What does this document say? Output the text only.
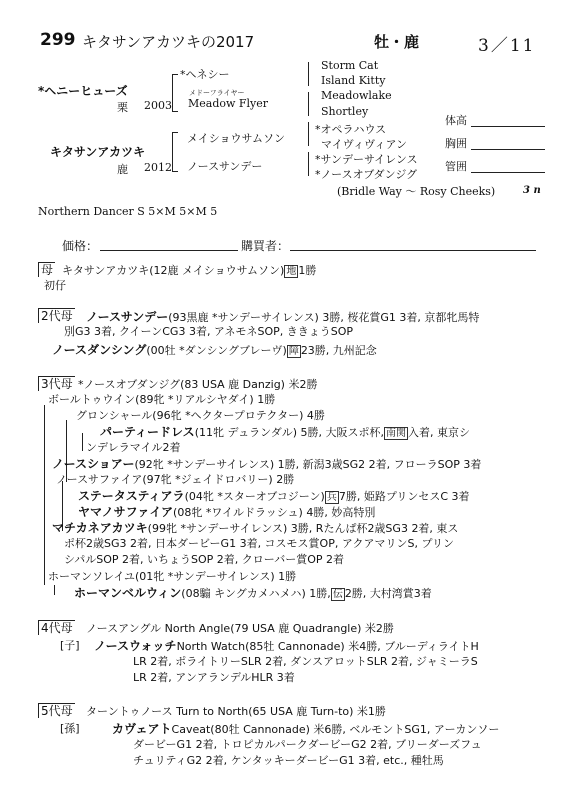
299 キタサンアカツキの2017	牡・鹿	3／11
*ヘニーヒューズ
栗 2003
キタサンアカツキ
鹿 2012
*ヘネシー
メドーフライヤー
Meadow Flyer
メイショウサムソン
ノースサンデー
Storm Cat
Island Kitty
Meadowlake
Shortley
*オペラハウス
マイヴィヴィアン
*サンデーサイレンス
*ノースオブダンジグ
(Bridle Way ～ Rosy Cheeks)	3 n
体高
胸囲
管囲
Northern Dancer S 5×M 5×M 5
価格：	購買者：
母 キタサンアカツキ(12鹿 メイショウサムソン) 地 1勝
初仔
2代母 ノースサンデー(93黒鹿 *サンデーサイレンス) 3勝, 桜花賞G1 3着, 京都牝馬特
別G3 3着, クイーンCG3 3着, アネモネSOP, ききょうSOP
ノースダンシング(00牡 *ダンシングブレーヴ) 障 23勝, 九州記念
3代母 *ノースオブダンジグ(83 USA 鹿 Danzig) 米2勝
ボールトゥウイン(89牝 *リアルシヤダイ) 1勝
グロンシャール(96牝 *ヘクタープロテクター) 4勝
パーティードレス(11牝 デュランダル) 5勝, 大阪スポ杯, 南関 入着, 東京シ
ンデレラマイル2着
ノースショアー(92牝 *サンデーサイレンス) 1勝, 新潟3歳SG2 2着, フローラSOP 3着
ノースサファイア(97牝 *ジェイドロバリー) 2勝
ステータスティアラ(04牝 *スターオブコジーン) 兵 7勝, 姫路プリンセスC 3着
ヤマノサファイア(08牝 *ワイルドラッシュ) 4勝, 妙高特別
マチカネアカツキ(99牝 *サンデーサイレンス) 3勝, Rたんぱ杯2歳SG3 2着, 東ス
ポ杯2歳SG3 2着, 日本ダービーG1 3着, コスモス賞OP, アクアマリンS, プリン
シパルSOP 2着, いちょうSOP 2着, クローバー賞OP 2着
ホーマンソレイユ(01牝 *サンデーサイレンス) 1勝
ホーマンベルウィン(08騸 キングカメハメハ) 1勝, 伝 2勝, 大村湾賞3着
4代母 ノースアングル North Angle(79 USA 鹿 Quadrangle) 米2勝
[子] ノースウォッチNorth Watch(85牡 Cannonade) 米4勝, ブルーディライトH
LR 2着, ポライトリーSLR 2着, ダンスアロットSLR 2着, ジャミーラS
LR 2着, アンアランデルHLR 3着
5代母 ターントゥノース Turn to North(65 USA 鹿 Turn-to) 米1勝
[孫]	カヴェアトCaveat(80牡 Cannonade) 米6勝, ベルモントSG1, アーカンソー
ダービーG1 2着, トロピカルパークダービーG2 2着, ブリーダーズフュ
チュリティG2 2着, ケンタッキーダービーG1 3着, etc., 種牡馬
